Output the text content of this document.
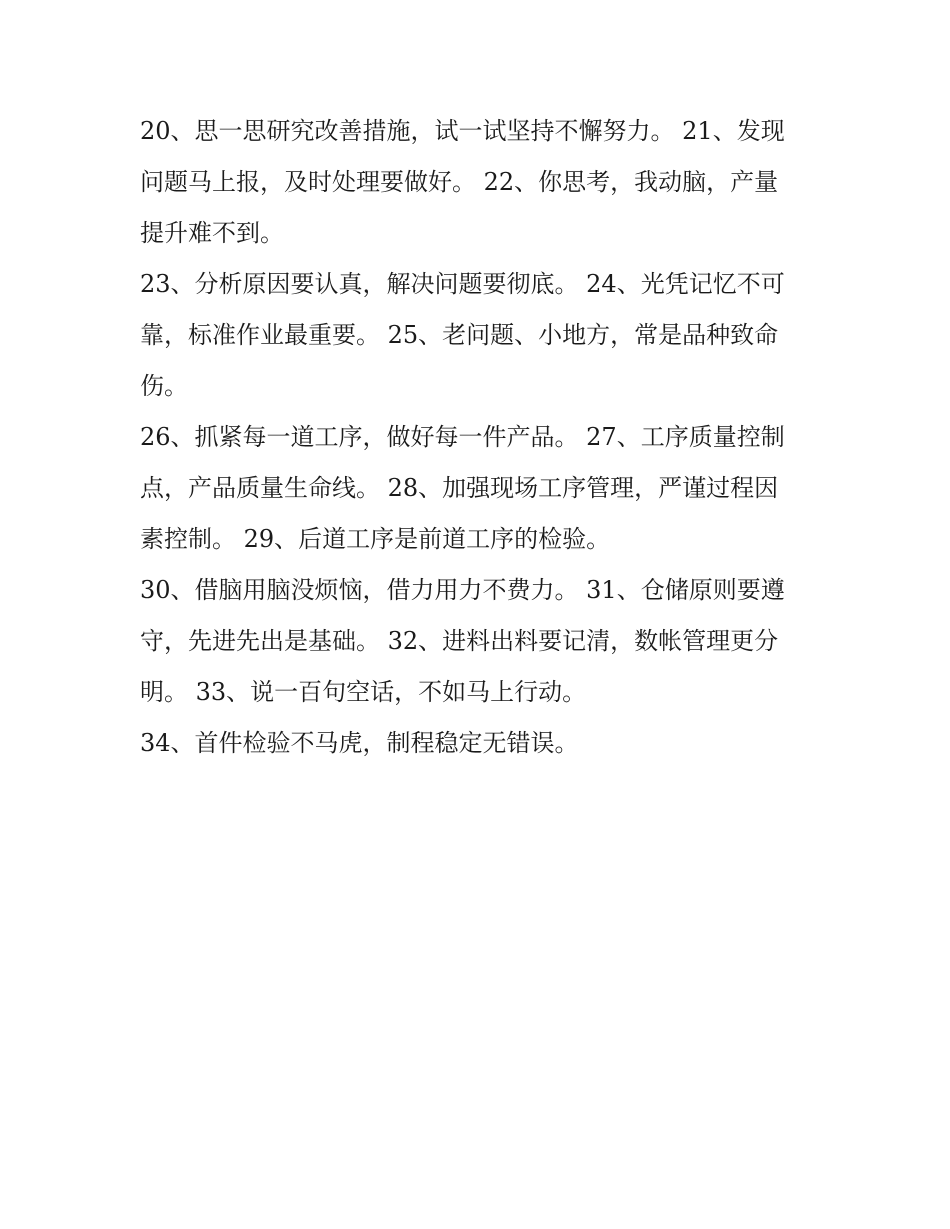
20、思一思研究改善措施，试一试坚持不懈努力。 21、发现问题马上报，及时处理要做好。 22、你思考，我动脑，产量提升难不到。

23、分析原因要认真，解决问题要彻底。 24、光凭记忆不可靠，标准作业最重要。 25、老问题、小地方，常是品种致命伤。

26、抓紧每一道工序，做好每一件产品。 27、工序质量控制点，产品质量生命线。 28、加强现场工序管理，严谨过程因素控制。 29、后道工序是前道工序的检验。

30、借脑用脑没烦恼，借力用力不费力。 31、仓储原则要遵守，先进先出是基础。 32、进料出料要记清，数帐管理更分明。 33、说一百句空话，不如马上行动。

34、首件检验不马虎，制程稳定无错误。
